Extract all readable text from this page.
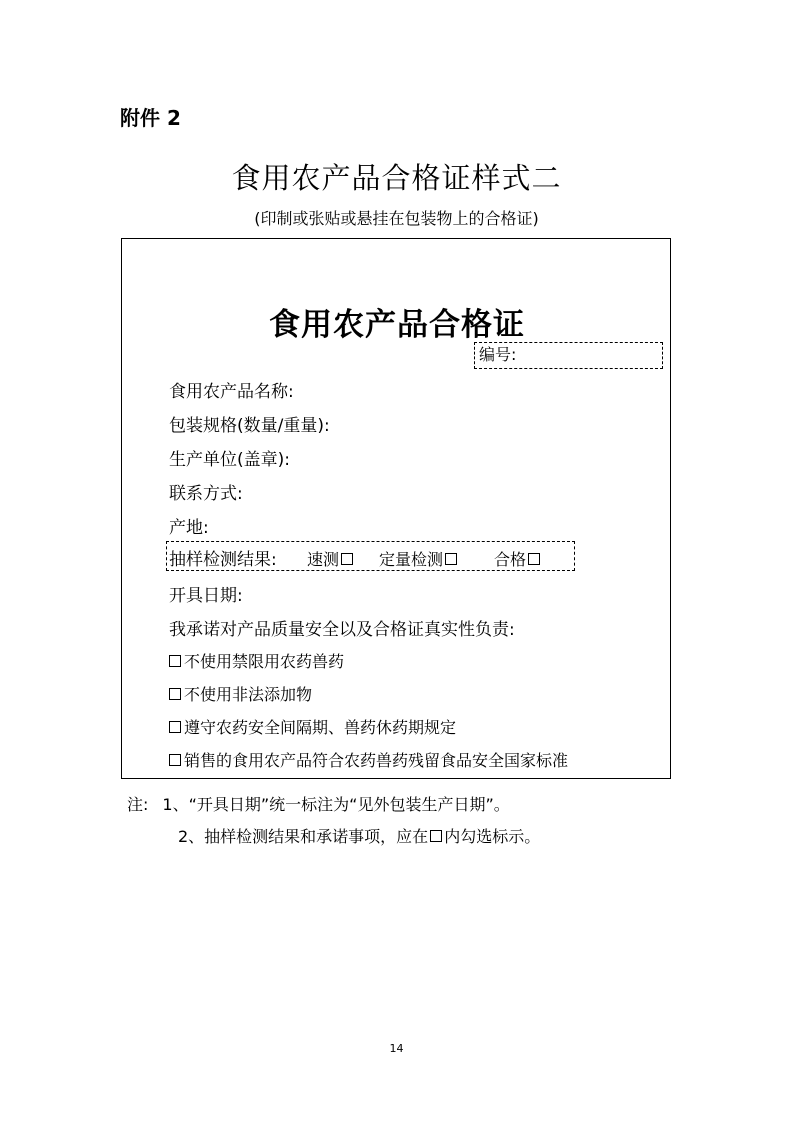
附件 2
食用农产品合格证样式二
(印制或张贴或悬挂在包装物上的合格证)
食用农产品合格证
编号:
食用农产品名称:
包装规格(数量/重量):
生产单位(盖章):
联系方式:
产地:
抽样检测结果: 速测 定量检测	合格
开具日期:
我承诺对产品质量安全以及合格证真实性负责:
不使用禁限用农药兽药
不使用非法添加物
遵守农药安全间隔期、兽药休药期规定
销售的食用农产品符合农药兽药残留食品安全国家标准
注: 1、“开具日期”统一标注为“见外包装生产日期”。
2、抽样检测结果和承诺事项，应在 内勾选标示。
14
